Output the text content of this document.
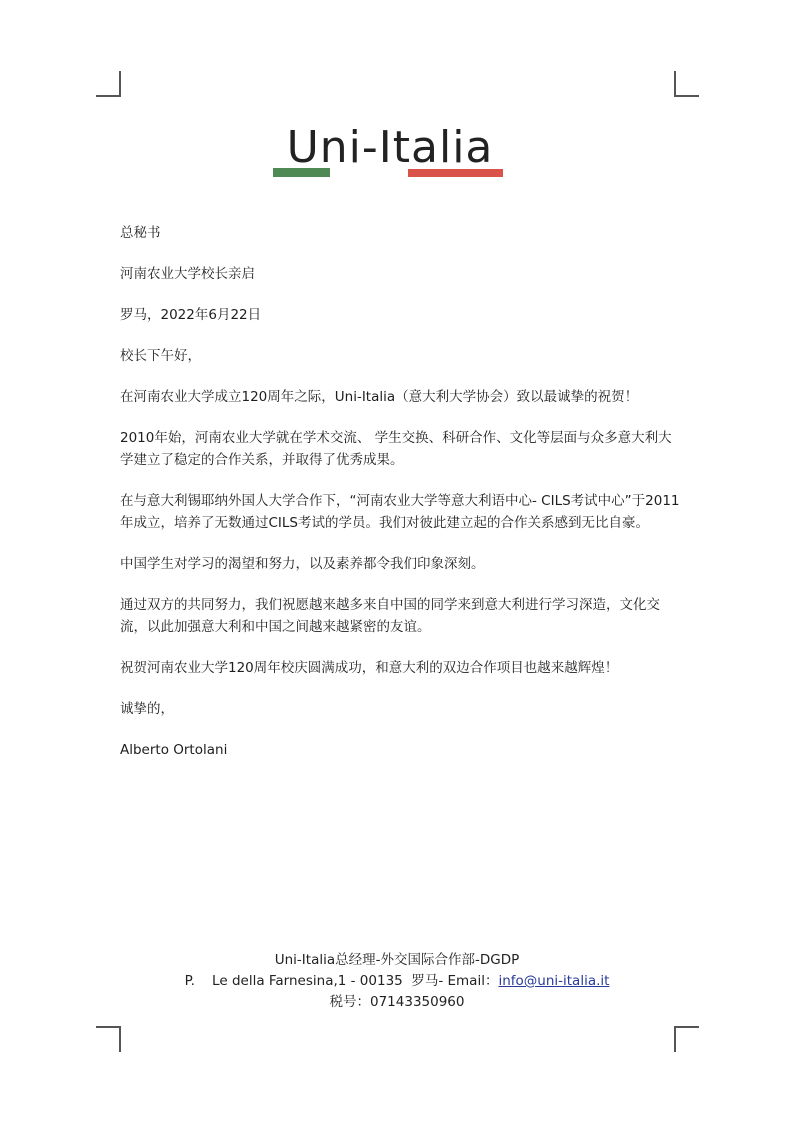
Uni-Italia

总秘书

河南农业大学校长亲启

罗马，2022年6月22日

校长下午好，

在河南农业大学成立120周年之际，Uni-Italia（意大利大学协会）致以最诚挚的祝贺！

2010年始，河南农业大学就在学术交流、 学生交换、科研合作、文化等层面与众多意大利大学建立了稳定的合作关系，并取得了优秀成果。

在与意大利锡耶纳外国人大学合作下，“河南农业大学等意大利语中心- CILS考试中心”于2011年成立，培养了无数通过CILS考试的学员。我们对彼此建立起的合作关系感到无比自豪。

中国学生对学习的渴望和努力，以及素养都令我们印象深刻。

通过双方的共同努力，我们祝愿越来越多来自中国的同学来到意大利进行学习深造，文化交流，以此加强意大利和中国之间越来越紧密的友谊。

祝贺河南农业大学120周年校庆圆满成功，和意大利的双边合作项目也越来越辉煌！

诚挚的，

Alberto Ortolani

Uni-Italia总经理-外交国际合作部-DGDP
P.    Le della Farnesina,1 - 00135  罗马- Email：info@uni-italia.it
税号：07143350960
